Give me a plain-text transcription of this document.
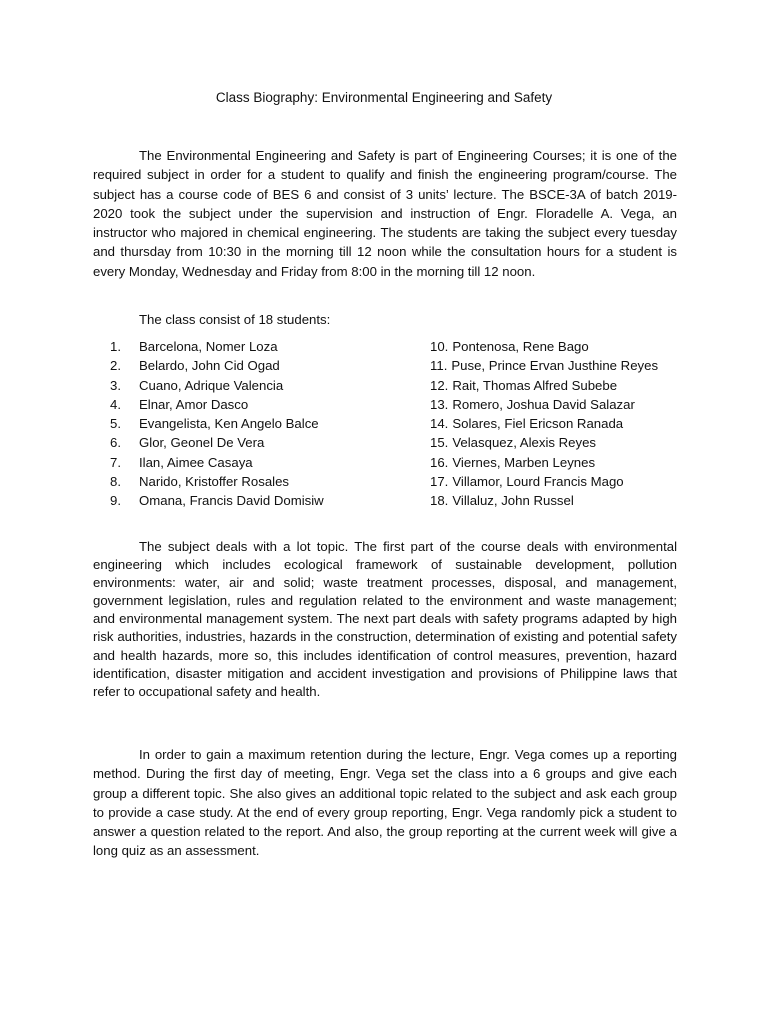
Class Biography: Environmental Engineering and Safety

The Environmental Engineering and Safety is part of Engineering Courses; it is one of the required subject in order for a student to qualify and finish the engineering program/course. The subject has a course code of BES 6 and consist of 3 units’ lecture. The BSCE-3A of batch 2019-2020 took the subject under the supervision and instruction of Engr. Floradelle A. Vega, an instructor who majored in chemical engineering. The students are taking the subject every tuesday and thursday from 10:30 in the morning till 12 noon while the consultation hours for a student is every Monday, Wednesday and Friday from 8:00 in the morning till 12 noon.

The class consist of 18 students:
1. Barcelona, Nomer Loza
2. Belardo, John Cid Ogad
3. Cuano, Adrique Valencia
4. Elnar, Amor Dasco
5. Evangelista, Ken Angelo Balce
6. Glor, Geonel De Vera
7. Ilan, Aimee Casaya
8. Narido, Kristoffer Rosales
9. Omana, Francis David Domisiw
10. Pontenosa, Rene Bago
11. Puse, Prince Ervan Justhine Reyes
12. Rait, Thomas Alfred Subebe
13. Romero, Joshua David Salazar
14. Solares, Fiel Ericson Ranada
15. Velasquez, Alexis Reyes
16. Viernes, Marben Leynes
17. Villamor, Lourd Francis Mago
18. Villaluz, John Russel

The subject deals with a lot topic. The first part of the course deals with environmental engineering which includes ecological framework of sustainable development, pollution environments: water, air and solid; waste treatment processes, disposal, and management, government legislation, rules and regulation related to the environment and waste management; and environmental management system. The next part deals with safety programs adapted by high risk authorities, industries, hazards in the construction, determination of existing and potential safety and health hazards, more so, this includes identification of control measures, prevention, hazard identification, disaster mitigation and accident investigation and provisions of Philippine laws that refer to occupational safety and health.

In order to gain a maximum retention during the lecture, Engr. Vega comes up a reporting method. During the first day of meeting, Engr. Vega set the class into a 6 groups and give each group a different topic. She also gives an additional topic related to the subject and ask each group to provide a case study. At the end of every group reporting, Engr. Vega randomly pick a student to answer a question related to the report. And also, the group reporting at the current week will give a long quiz as an assessment.
